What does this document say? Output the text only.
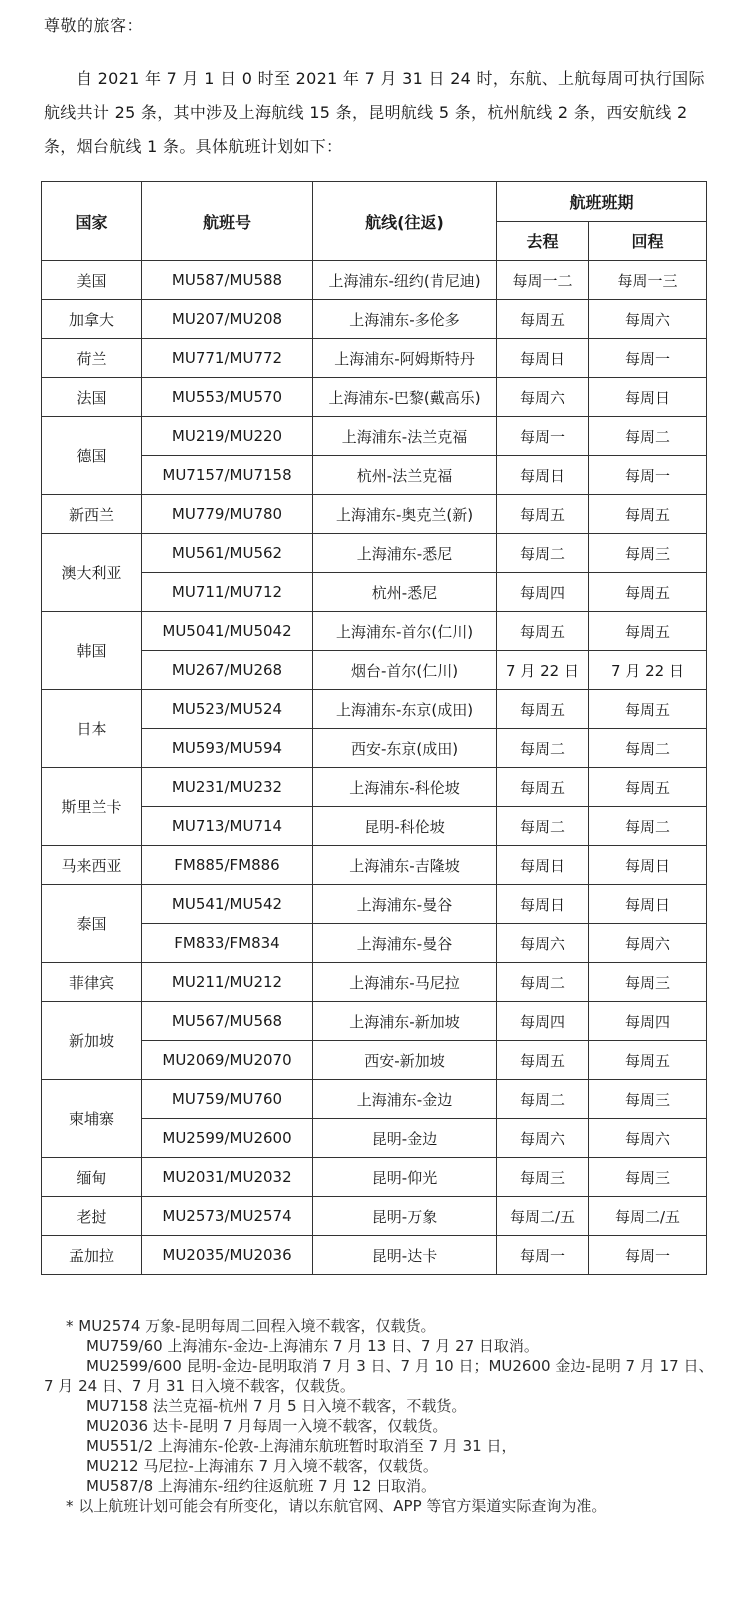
尊敬的旅客：
自 2021 年 7 月 1 日 0 时至 2021 年 7 月 31 日 24 时，东航、上航每周可执行国际航线共计 25 条，其中涉及上海航线 15 条，昆明航线 5 条，杭州航线 2 条，西安航线 2 条，烟台航线 1 条。具体航班计划如下：
国家	航班号	航线(往返)	航班班期	
			去程	回程
美国	MU587/MU588	上海浦东-纽约(肯尼迪)	每周一二	每周一三
加拿大	MU207/MU208	上海浦东-多伦多	每周五	每周六
荷兰	MU771/MU772	上海浦东-阿姆斯特丹	每周日	每周一
法国	MU553/MU570	上海浦东-巴黎(戴高乐)	每周六	每周日
德国	MU219/MU220	上海浦东-法兰克福	每周一	每周二
	MU7157/MU7158	杭州-法兰克福	每周日	每周一
新西兰	MU779/MU780	上海浦东-奥克兰(新)	每周五	每周五
澳大利亚	MU561/MU562	上海浦东-悉尼	每周二	每周三
	MU711/MU712	杭州-悉尼	每周四	每周五
韩国	MU5041/MU5042	上海浦东-首尔(仁川)	每周五	每周五
	MU267/MU268	烟台-首尔(仁川)	7 月 22 日	7 月 22 日
日本	MU523/MU524	上海浦东-东京(成田)	每周五	每周五
	MU593/MU594	西安-东京(成田)	每周二	每周二
斯里兰卡	MU231/MU232	上海浦东-科伦坡	每周五	每周五
	MU713/MU714	昆明-科伦坡	每周二	每周二
马来西亚	FM885/FM886	上海浦东-吉隆坡	每周日	每周日
泰国	MU541/MU542	上海浦东-曼谷	每周日	每周日
	FM833/FM834	上海浦东-曼谷	每周六	每周六
菲律宾	MU211/MU212	上海浦东-马尼拉	每周二	每周三
新加坡	MU567/MU568	上海浦东-新加坡	每周四	每周四
	MU2069/MU2070	西安-新加坡	每周五	每周五
柬埔寨	MU759/MU760	上海浦东-金边	每周二	每周三
	MU2599/MU2600	昆明-金边	每周六	每周六
缅甸	MU2031/MU2032	昆明-仰光	每周三	每周三
老挝	MU2573/MU2574	昆明-万象	每周二/五	每周二/五
孟加拉	MU2035/MU2036	昆明-达卡	每周一	每周一

* MU2574 万象-昆明每周二回程入境不载客，仅载货。

MU759/60 上海浦东-金边-上海浦东 7 月 13 日、7 月 27 日取消。

MU2599/600 昆明-金边-昆明取消 7 月 3 日、7 月 10 日；MU2600 金边-昆明 7 月 17 日、7 月 24 日、7 月 31 日入境不载客，仅载货。

MU7158 法兰克福-杭州 7 月 5 日入境不载客，不载货。

MU2036 达卡-昆明 7 月每周一入境不载客，仅载货。

MU551/2 上海浦东-伦敦-上海浦东航班暂时取消至 7 月 31 日，

MU212 马尼拉-上海浦东 7 月入境不载客，仅载货。

MU587/8 上海浦东-纽约往返航班 7 月 12 日取消。

* 以上航班计划可能会有所变化，请以东航官网、APP 等官方渠道实际查询为准。
